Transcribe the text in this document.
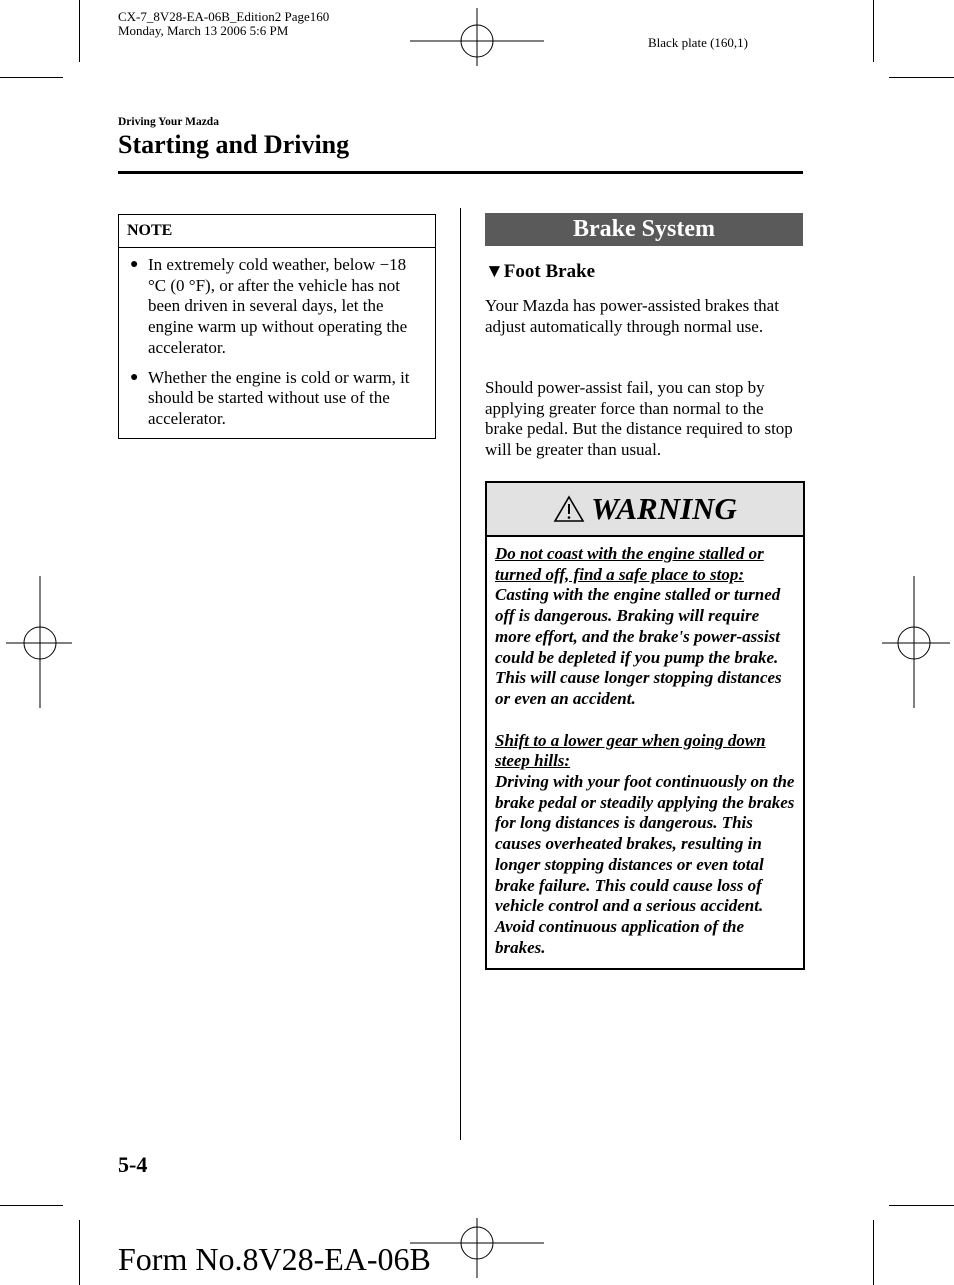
CX-7_8V28-EA-06B_Edition2 Page160
Monday, March 13 2006 5:6 PM
Black plate (160,1)
Driving Your Mazda
Starting and Driving
NOTE
● In extremely cold weather, below −18 °C (0 °F), or after the vehicle has not been driven in several days, let the engine warm up without operating the accelerator.
● Whether the engine is cold or warm, it should be started without use of the accelerator.
Brake System
▼Foot Brake
Your Mazda has power-assisted brakes that adjust automatically through normal use.
Should power-assist fail, you can stop by applying greater force than normal to the brake pedal. But the distance required to stop will be greater than usual.
WARNING
Do not coast with the engine stalled or turned off, find a safe place to stop:
Casting with the engine stalled or turned off is dangerous. Braking will require more effort, and the brake's power-assist could be depleted if you pump the brake. This will cause longer stopping distances or even an accident.
Shift to a lower gear when going down steep hills:
Driving with your foot continuously on the brake pedal or steadily applying the brakes for long distances is dangerous. This causes overheated brakes, resulting in longer stopping distances or even total brake failure. This could cause loss of vehicle control and a serious accident. Avoid continuous application of the brakes.
5-4
Form No.8V28-EA-06B
